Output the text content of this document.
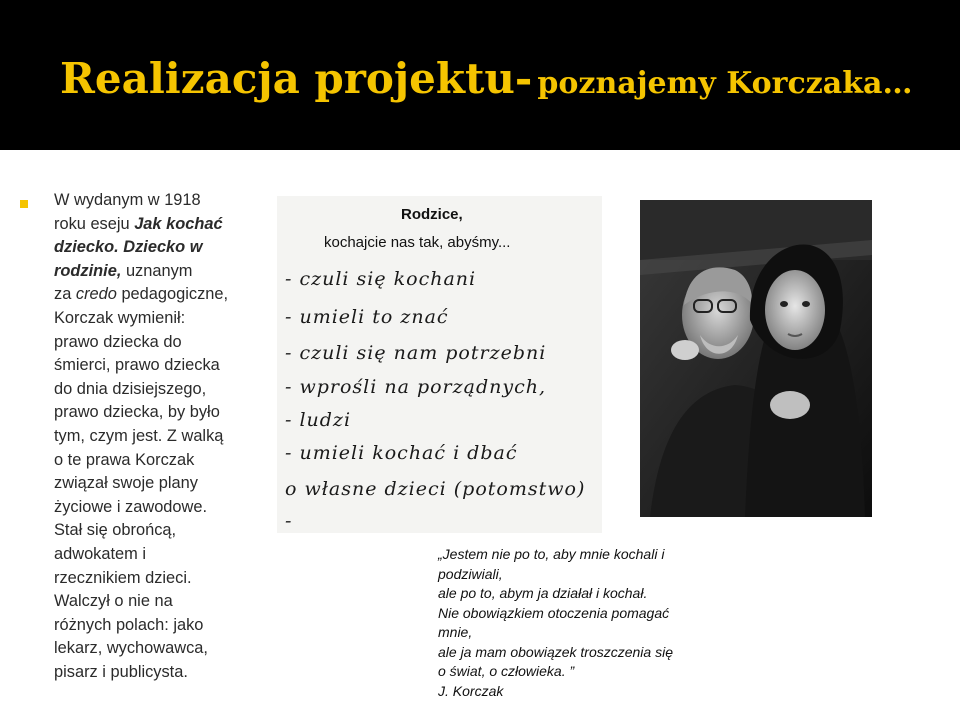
Realizacja projektu- poznajemy Korczaka…
W wydanym w 1918
roku eseju Jak kochać
dziecko. Dziecko w
rodzinie, uznanym
za credo pedagogiczne,
Korczak wymienił:
prawo dziecka do
śmierci, prawo dziecka
do dnia dzisiejszego,
prawo dziecka, by było
tym, czym jest. Z walką
o te prawa Korczak
związał swoje plany
życiowe i zawodowe.
Stał się obrońcą,
adwokatem i
rzecznikiem dzieci.
Walczył o nie na
różnych polach: jako
lekarz, wychowawca,
pisarz i publicysta.
Rodzice,
kochajcie nas tak, abyśmy...
- czuli się kochani
- umieli to znać
- czuli się nam potrzebni
- wprośli na porządnych,
- ludzi
- umieli kochać i dbać
o własne dzieci (potomstwo)
-
„Jestem nie po to, aby mnie kochali i
podziwiali,
ale po to, abym ja działał i kochał.
Nie obowiązkiem otoczenia pomagać
mnie,
ale ja mam obowiązek troszczenia się
o świat, o człowieka. ”
J. Korczak
